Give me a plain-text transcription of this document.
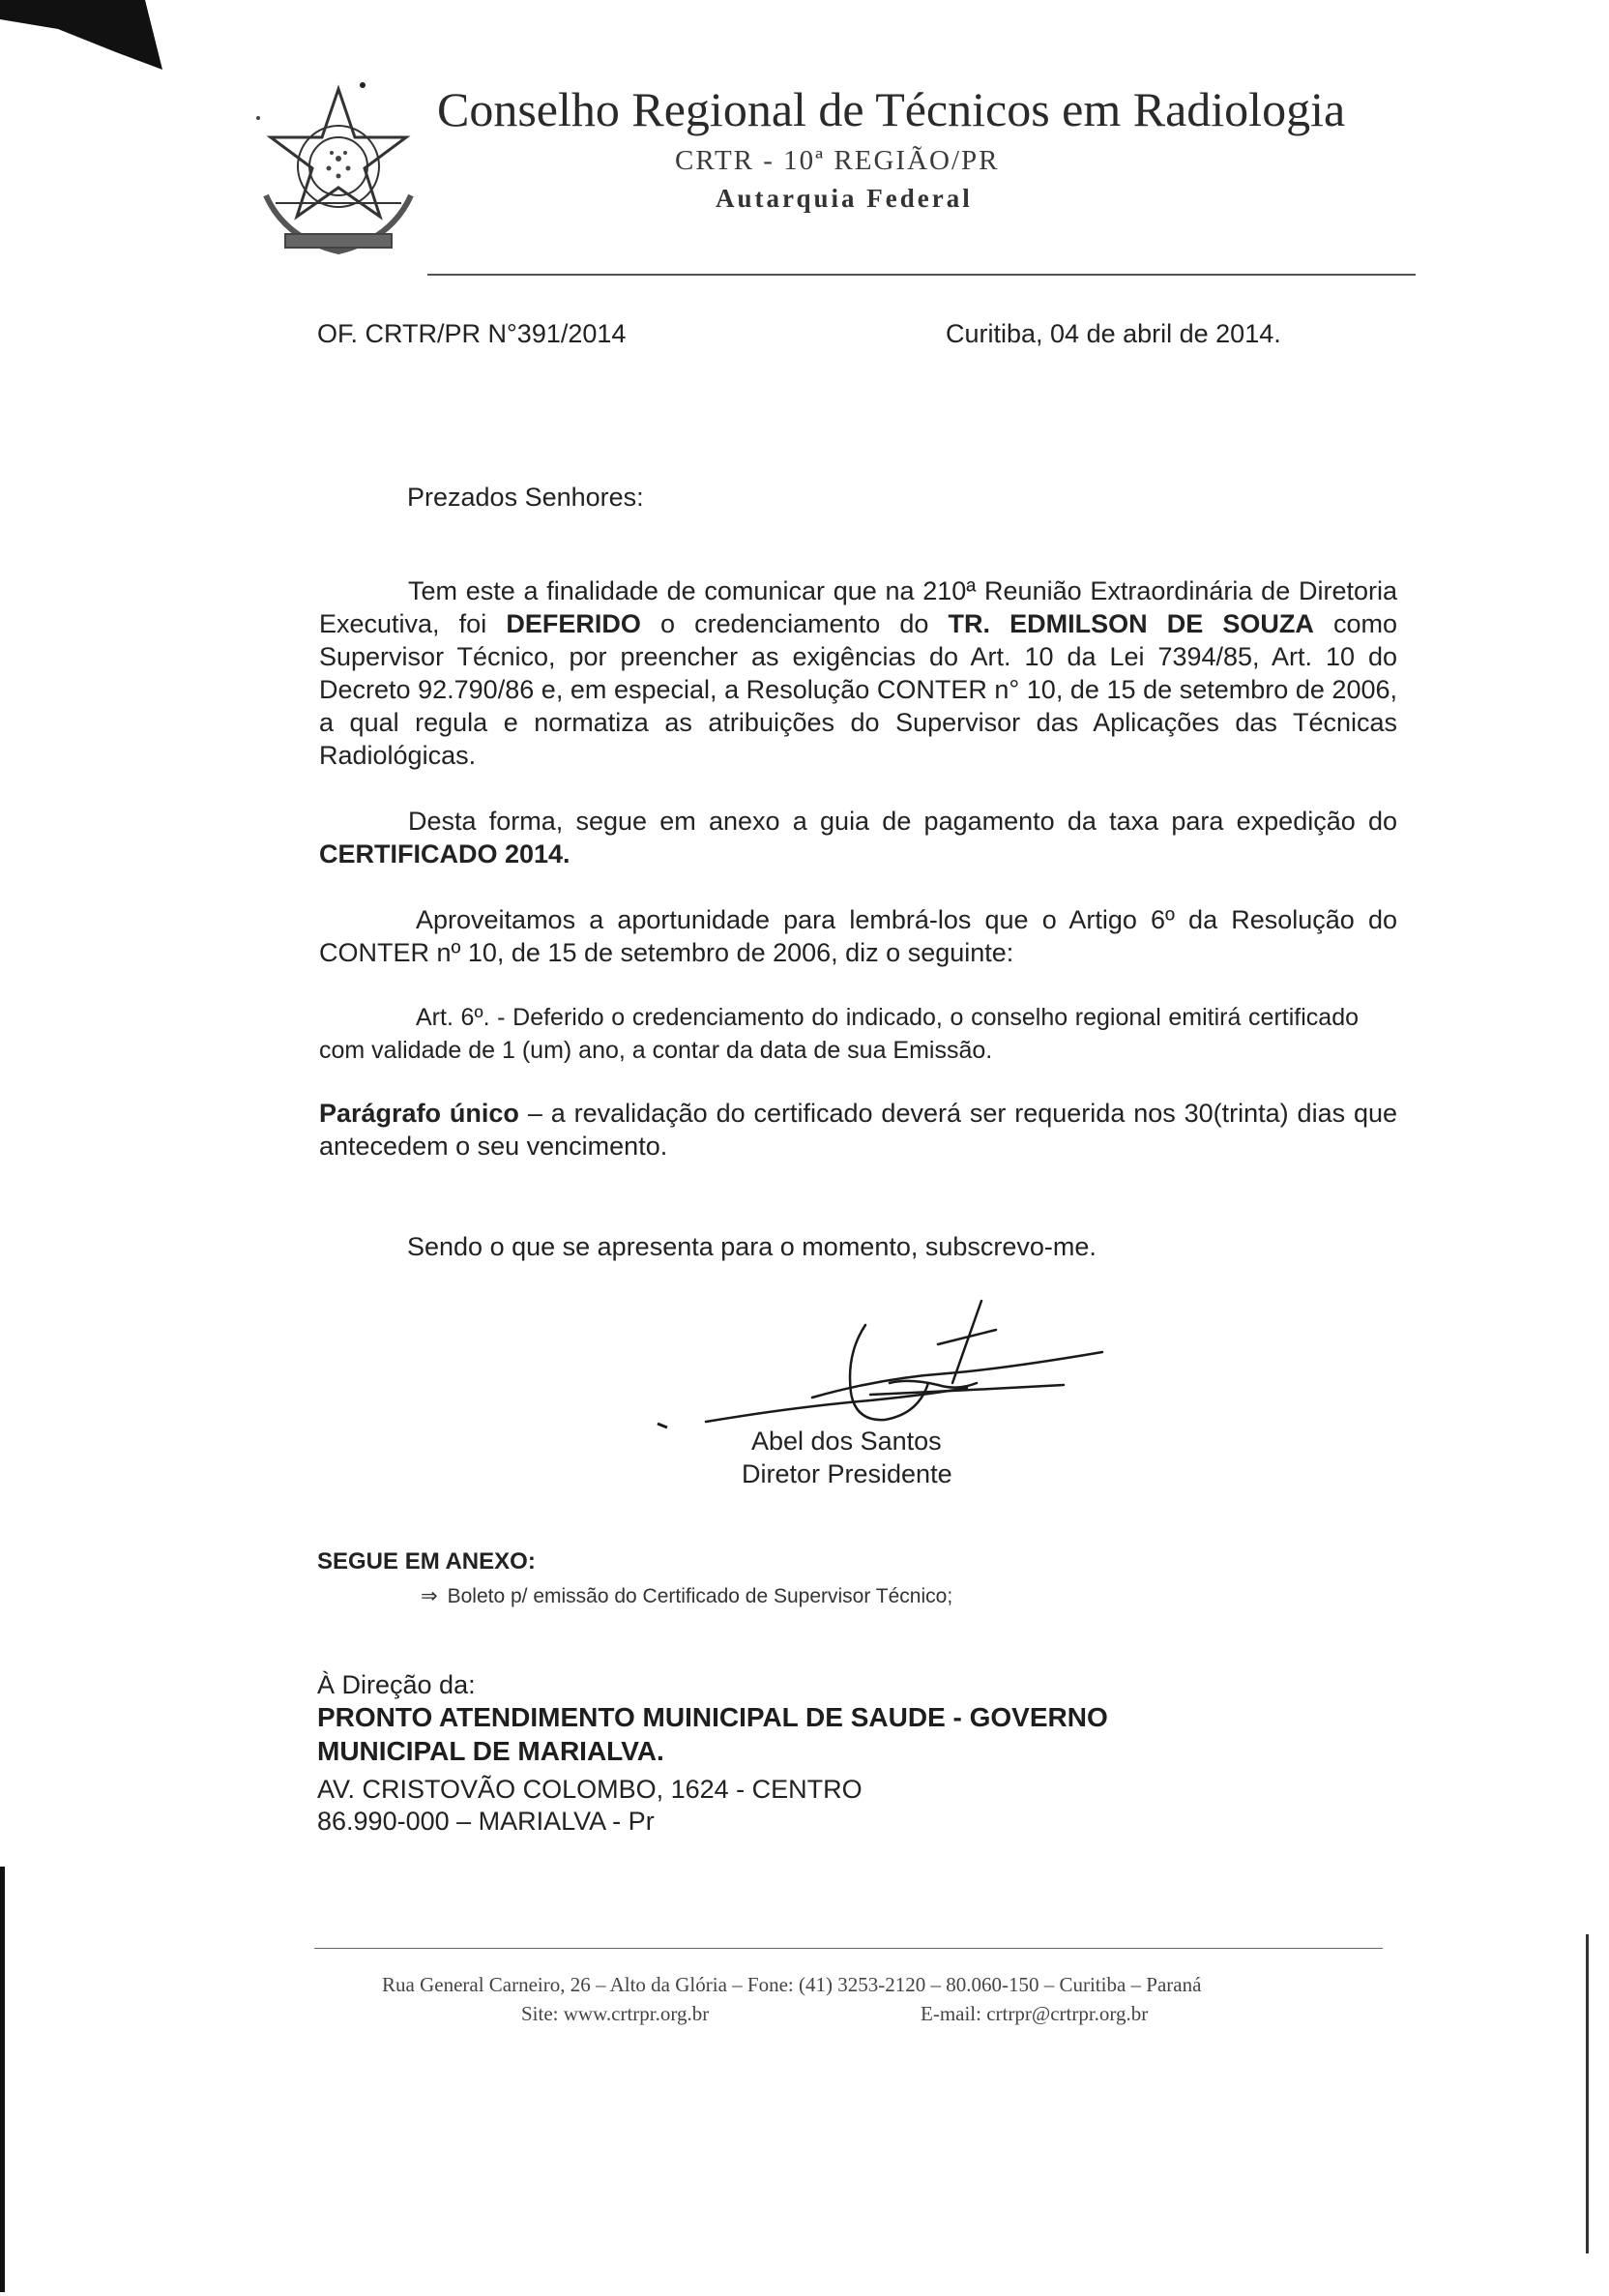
Conselho Regional de Técnicos em Radiologia
CRTR - 10ª REGIÃO/PR
Autarquia Federal
OF. CRTR/PR N°391/2014	Curitiba, 04 de abril de 2014.
Prezados Senhores:
Tem este a finalidade de comunicar que na 210ª Reunião Extraordinária de Diretoria Executiva, foi DEFERIDO o credenciamento do TR. EDMILSON DE SOUZA como Supervisor Técnico, por preencher as exigências do Art. 10 da Lei 7394/85, Art. 10 do Decreto 92.790/86 e, em especial, a Resolução CONTER n° 10, de 15 de setembro de 2006, a qual regula e normatiza as atribuições do Supervisor das Aplicações das Técnicas Radiológicas.
Desta forma, segue em anexo a guia de pagamento da taxa para expedição do CERTIFICADO 2014.
Aproveitamos a aportunidade para lembrá-los que o Artigo 6º da Resolução do CONTER nº 10, de 15 de setembro de 2006, diz o seguinte:
Art. 6º. - Deferido o credenciamento do indicado, o conselho regional emitirá certificado com validade de 1 (um) ano, a contar da data de sua Emissão.
Parágrafo único – a revalidação do certificado deverá ser requerida nos 30(trinta) dias que antecedem o seu vencimento.
Sendo o que se apresenta para o momento, subscrevo-me.
Abel dos Santos
Diretor Presidente
SEGUE EM ANEXO:
⇒ Boleto p/ emissão do Certificado de Supervisor Técnico;
À Direção da:
PRONTO ATENDIMENTO MUINICIPAL DE SAUDE - GOVERNO
MUNICIPAL DE MARIALVA.
AV. CRISTOVÃO COLOMBO, 1624 - CENTRO
86.990-000 – MARIALVA - Pr
Rua General Carneiro, 26 – Alto da Glória – Fone: (41) 3253-2120 – 80.060-150 – Curitiba – Paraná
Site: www.crtrpr.org.br	E-mail: crtrpr@crtrpr.org.br
